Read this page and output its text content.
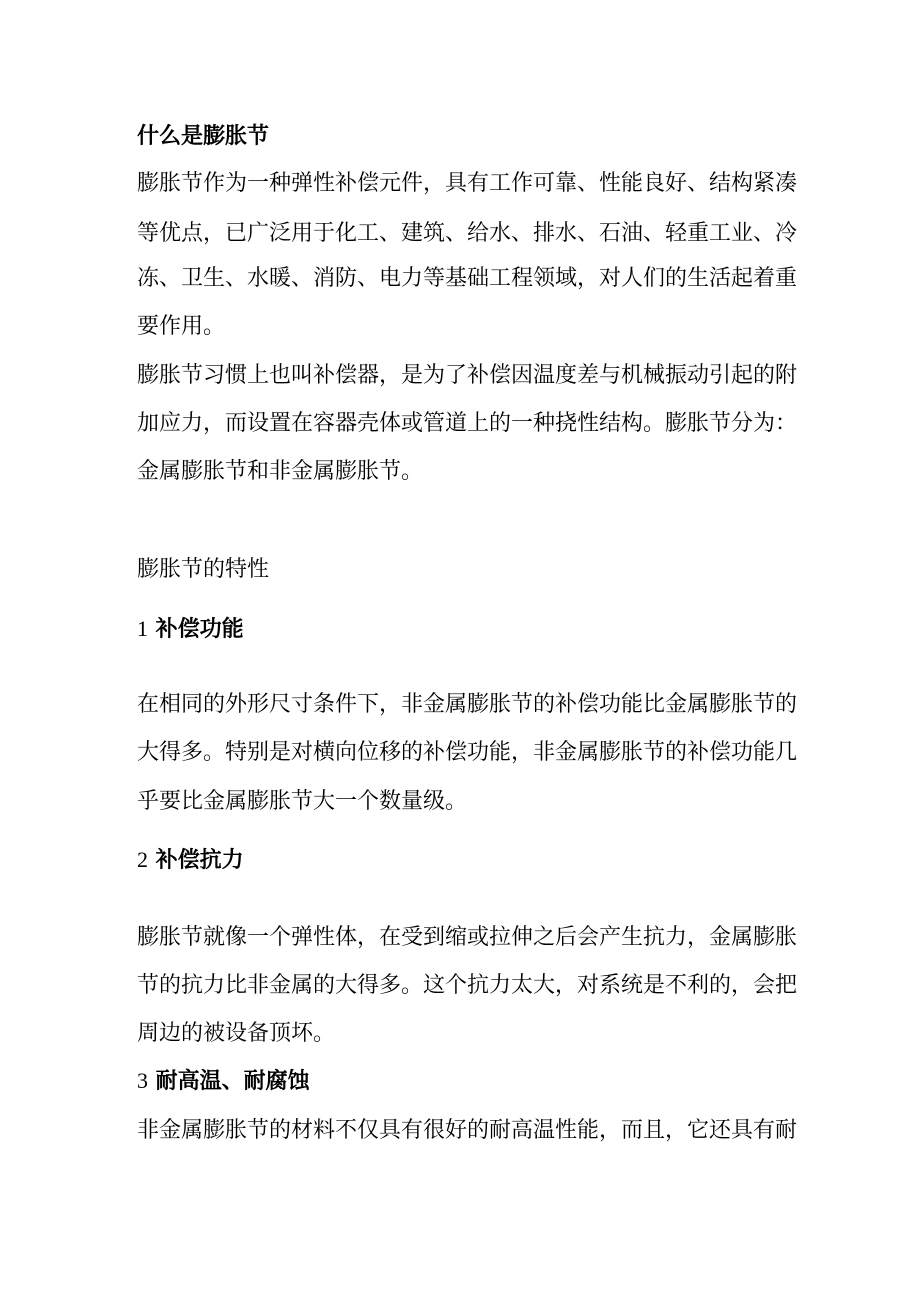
什么是膨胀节
膨胀节作为一种弹性补偿元件，具有工作可靠、性能良好、结构紧凑
等优点，已广泛用于化工、建筑、给水、排水、石油、轻重工业、冷
冻、卫生、水暖、消防、电力等基础工程领域，对人们的生活起着重
要作用。
膨胀节习惯上也叫补偿器，是为了补偿因温度差与机械振动引起的附
加应力，而设置在容器壳体或管道上的一种挠性结构。膨胀节分为：
金属膨胀节和非金属膨胀节。
膨胀节的特性
1 补偿功能
在相同的外形尺寸条件下，非金属膨胀节的补偿功能比金属膨胀节的
大得多。特别是对横向位移的补偿功能，非金属膨胀节的补偿功能几
乎要比金属膨胀节大一个数量级。
2 补偿抗力
膨胀节就像一个弹性体，在受到缩或拉伸之后会产生抗力，金属膨胀
节的抗力比非金属的大得多。这个抗力太大，对系统是不利的，会把
周边的被设备顶坏。
3 耐高温、耐腐蚀
非金属膨胀节的材料不仅具有很好的耐高温性能，而且，它还具有耐
